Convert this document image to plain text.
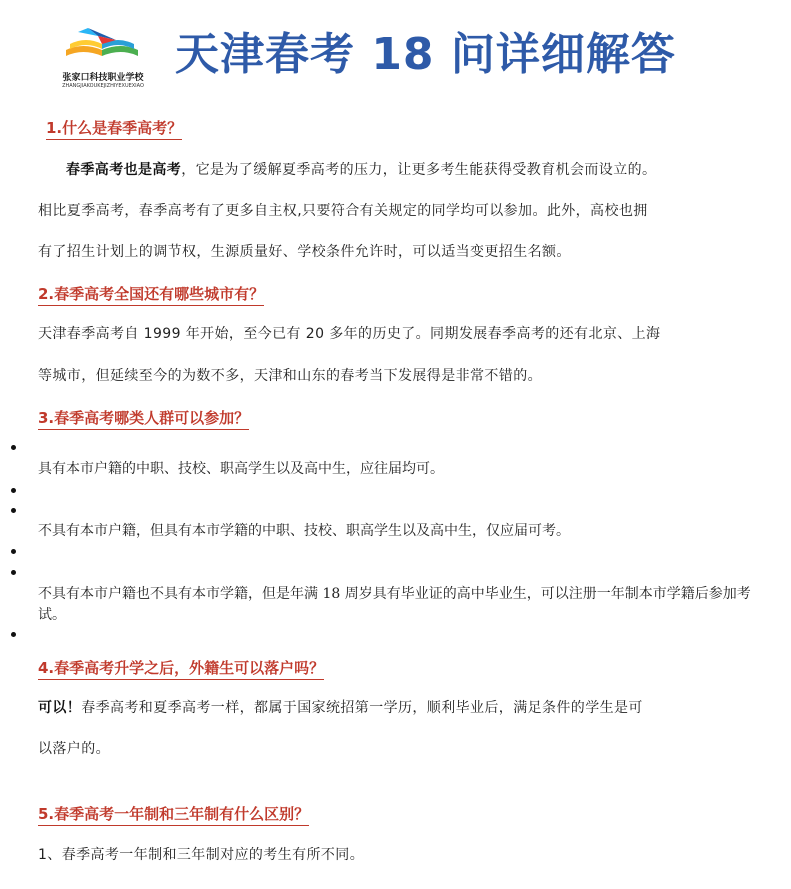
张家口科技职业学校
ZHANGJIAKOUKEJIZHIYEXUEXIAO
天津春考 18 问详细解答
1.什么是春季高考？
春季高考也是高考，它是为了缓解夏季高考的压力，让更多考生能获得受教育机会而设立的。
相比夏季高考，春季高考有了更多自主权,只要符合有关规定的同学均可以参加。此外，高校也拥
有了招生计划上的调节权，生源质量好、学校条件允许时，可以适当变更招生名额。
2.春季高考全国还有哪些城市有？
天津春季高考自 1999 年开始，至今已有 20 多年的历史了。同期发展春季高考的还有北京、上海
等城市，但延续至今的为数不多，天津和山东的春考当下发展得是非常不错的。
3.春季高考哪类人群可以参加？
具有本市户籍的中职、技校、职高学生以及高中生，应往届均可。
不具有本市户籍，但具有本市学籍的中职、技校、职高学生以及高中生，仅应届可考。
不具有本市户籍也不具有本市学籍，但是年满 18 周岁具有毕业证的高中毕业生，可以注册一年制本市学籍后参加考试。
4.春季高考升学之后，外籍生可以落户吗？
可以！春季高考和夏季高考一样，都属于国家统招第一学历，顺利毕业后，满足条件的学生是可
以落户的。
5.春季高考一年制和三年制有什么区别？
1、春季高考一年制和三年制对应的考生有所不同。
